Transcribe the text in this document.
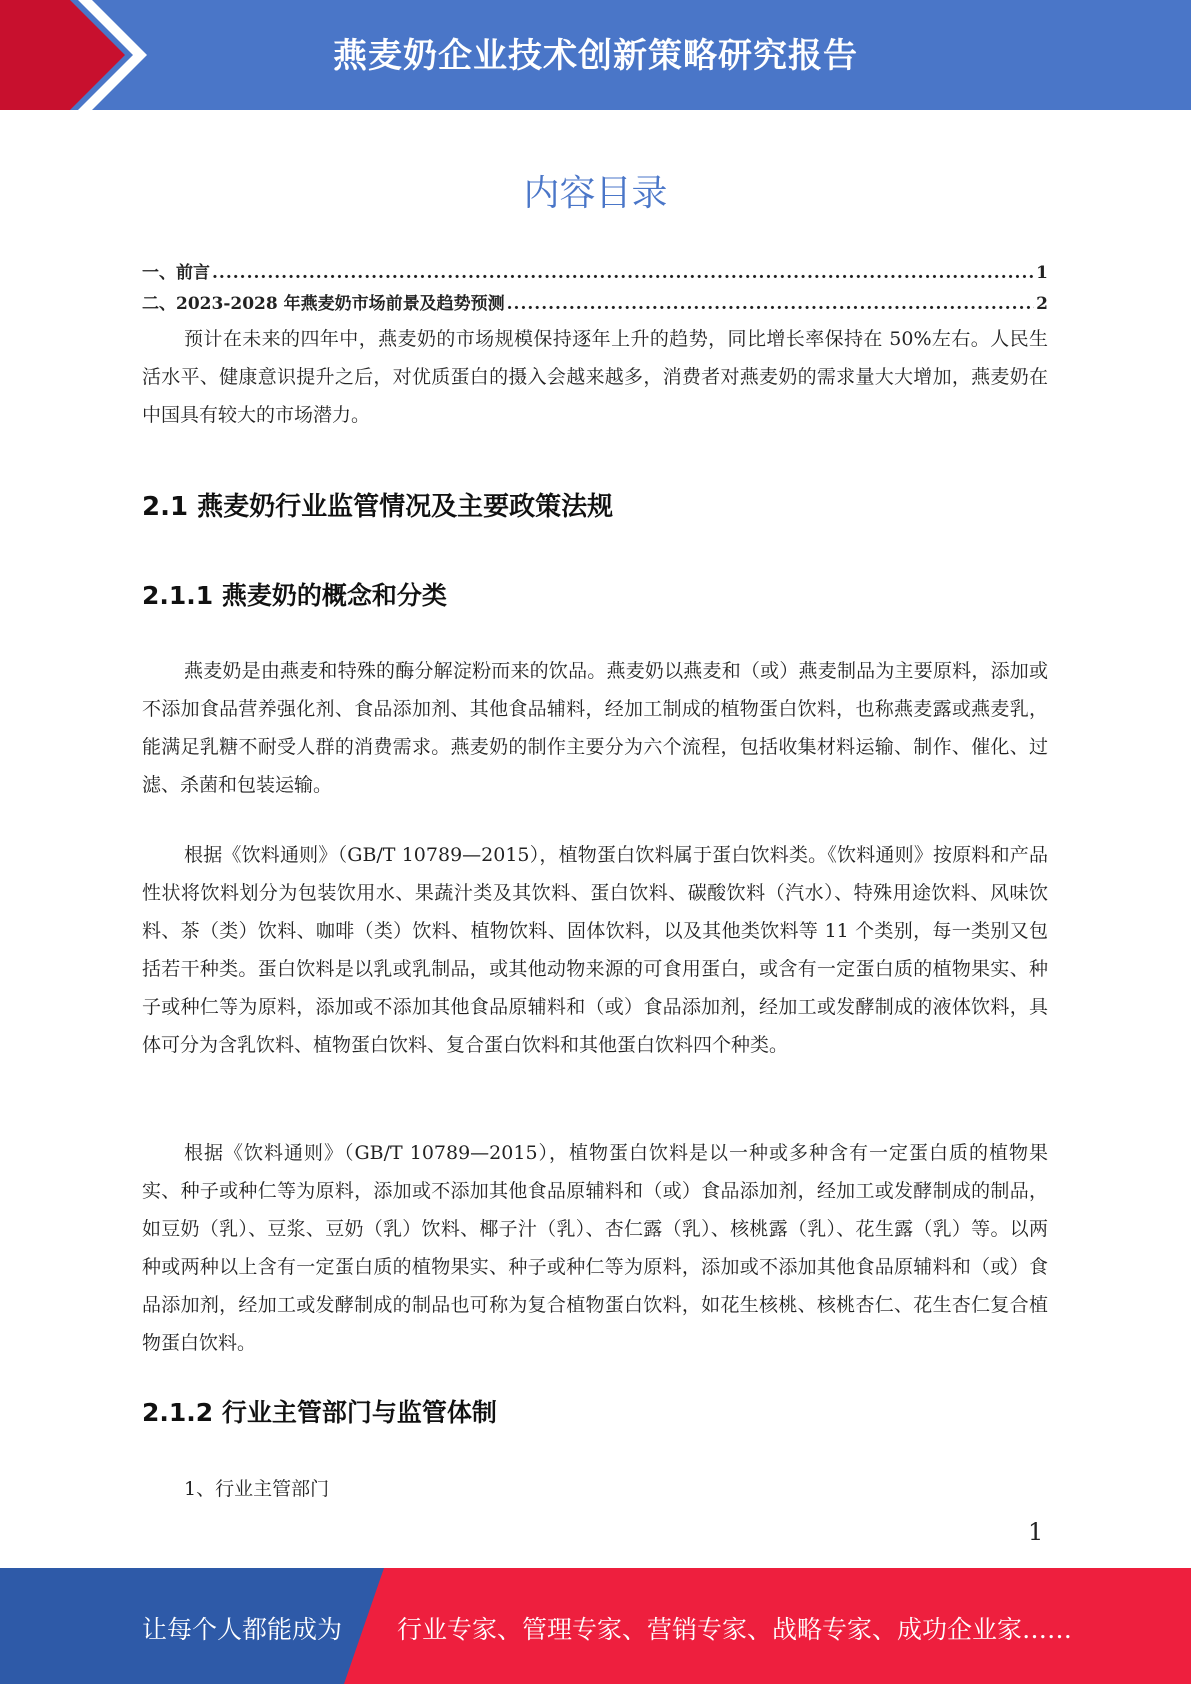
燕麦奶企业技术创新策略研究报告
内容目录
一、前言 .....	1
二、2023-2028 年燕麦奶市场前景及趋势预测 .....	2

预计在未来的四年中，燕麦奶的市场规模保持逐年上升的趋势，同比增长率保持在 50%左右。人民生活水平、健康意识提升之后，对优质蛋白的摄入会越来越多，消费者对燕麦奶的需求量大大增加，燕麦奶在中国具有较大的市场潜力。

2.1 燕麦奶行业监管情况及主要政策法规
2.1.1 燕麦奶的概念和分类

燕麦奶是由燕麦和特殊的酶分解淀粉而来的饮品。燕麦奶以燕麦和（或）燕麦制品为主要原料，添加或不添加食品营养强化剂、食品添加剂、其他食品辅料，经加工制成的植物蛋白饮料，也称燕麦露或燕麦乳，能满足乳糖不耐受人群的消费需求。燕麦奶的制作主要分为六个流程，包括收集材料运输、制作、催化、过滤、杀菌和包装运输。

根据《饮料通则》（GB/T 10789—2015），植物蛋白饮料属于蛋白饮料类。《饮料通则》按原料和产品性状将饮料划分为包装饮用水、果蔬汁类及其饮料、蛋白饮料、碳酸饮料（汽水）、特殊用途饮料、风味饮料、茶（类）饮料、咖啡（类）饮料、植物饮料、固体饮料，以及其他类饮料等 11 个类别，每一类别又包括若干种类。蛋白饮料是以乳或乳制品，或其他动物来源的可食用蛋白，或含有一定蛋白质的植物果实、种子或种仁等为原料，添加或不添加其他食品原辅料和（或）食品添加剂，经加工或发酵制成的液体饮料，具体可分为含乳饮料、植物蛋白饮料、复合蛋白饮料和其他蛋白饮料四个种类。

根据《饮料通则》（GB/T 10789—2015），植物蛋白饮料是以一种或多种含有一定蛋白质的植物果实、种子或种仁等为原料，添加或不添加其他食品原辅料和（或）食品添加剂，经加工或发酵制成的制品，如豆奶（乳）、豆浆、豆奶（乳）饮料、椰子汁（乳）、杏仁露（乳）、核桃露（乳）、花生露（乳）等。以两种或两种以上含有一定蛋白质的植物果实、种子或种仁等为原料，添加或不添加其他食品原辅料和（或）食品添加剂，经加工或发酵制成的制品也可称为复合植物蛋白饮料，如花生核桃、核桃杏仁、花生杏仁复合植物蛋白饮料。

2.1.2 行业主管部门与监管体制

1、行业主管部门

1
让每个人都能成为 行业专家、管理专家、营销专家、战略专家、成功企业家……
